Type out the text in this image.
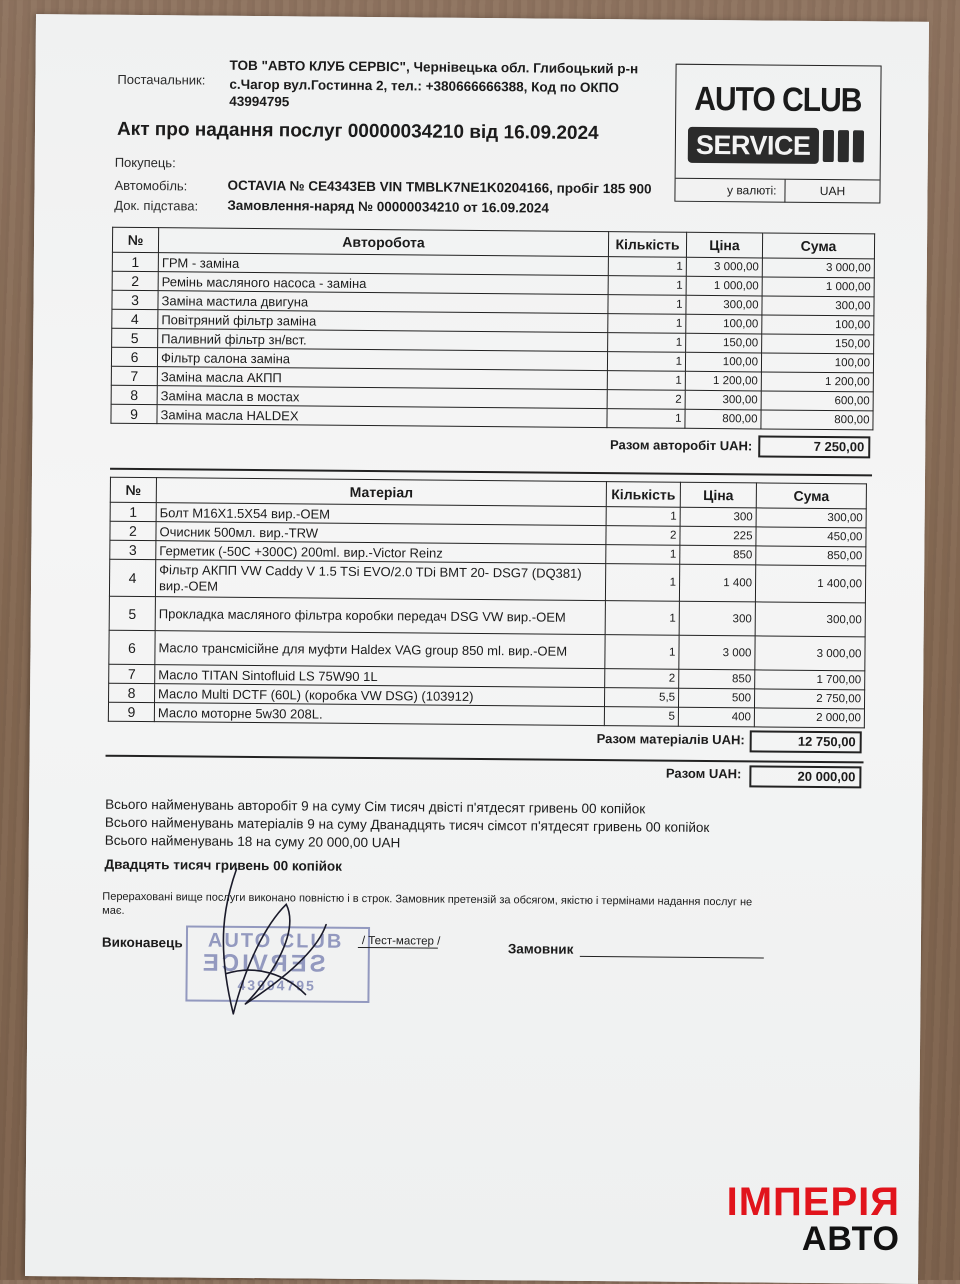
Постачальник:
ТОВ "АВТО КЛУБ СЕРВІС", Чернівецька обл. Глибоцький р-н
с.Чагор вул.Гостинна 2, тел.: +380666666388, Код по ОКПО
43994795	AUTO CLUB
SERVICE
у валюті:	UAH
Акт про надання послуг 00000034210 від 16.09.2024
Покупець:
Автомобіль:	OCTAVIA № CE4343EB VIN TMBLK7NE1K0204166, пробіг 185 900
Док. підстава: Замовлення-наряд № 00000034210 от 16.09.2024
№	Авторобота	Кількість	Ціна	Сума
1	ГРМ - заміна	1	3 000,00	3 000,00
2	Ремінь масляного насоса - заміна	1	1 000,00	1 000,00
3	Заміна мастила двигуна	1	300,00	300,00
4	Повітряний фільтр заміна	1	100,00	100,00
5	Паливний фільтр зн/вст.	1	150,00	150,00
6	Фільтр салона заміна	1	100,00	100,00
7	Заміна масла АКПП	1	1 200,00	1 200,00
8	Заміна масла в мостах	2	300,00	600,00
9	Заміна масла HALDEX	1	800,00	800,00
Разом авторобіт UAH:	7 250,00
№	Матеріал	Кількість	Ціна	Сума
1	Болт M16X1.5X54 вир.-OEM	1	300	300,00
2	Очисник 500мл. вир.-TRW	2	225	450,00
3	Герметик (-50C +300C) 200ml. вир.-Victor Reinz	1	850	850,00
4	Фільтр АКПП VW Caddy V 1.5 TSi EVO/2.0 TDi BMT 20- DSG7 (DQ381) вир.-OEM	1	1 400	1 400,00
5	Прокладка масляного фільтра коробки передач DSG VW вир.-OEM	1	300	300,00
6	Масло трансмісійне для муфти Haldex VAG group 850 ml. вир.-OEM	1	3 000	3 000,00
7	Масло TITAN Sintofluid LS 75W90 1L	2	850	1 700,00
8	Масло Multi DCTF (60L) (коробка VW DSG) (103912)	5,5	500	2 750,00
9	Масло моторне 5w30 208L.	5	400	2 000,00
Разом матеріалів UAH:	12 750,00
Разом UAH:	20 000,00
Всього найменувань авторобіт 9 на суму Сім тисяч двісті п'ятдесят гривень 00 копійок
Всього найменувань матеріалів 9 на суму Дванадцять тисяч сімсот п'ятдесят гривень 00 копійок
Всього найменувань 18 на суму 20 000,00 UAH
Двадцять тисяч гривень 00 копійок
Перераховані вище послуги виконано повністю і в строк. Замовник претензій за обсягом, якістю і термінами надання послуг не має.
AUTO CLUB
SERVICE
43994795
Виконавець	/ Тест-мастер /	Замовник
ІМПЕРІЯ
АВТО
